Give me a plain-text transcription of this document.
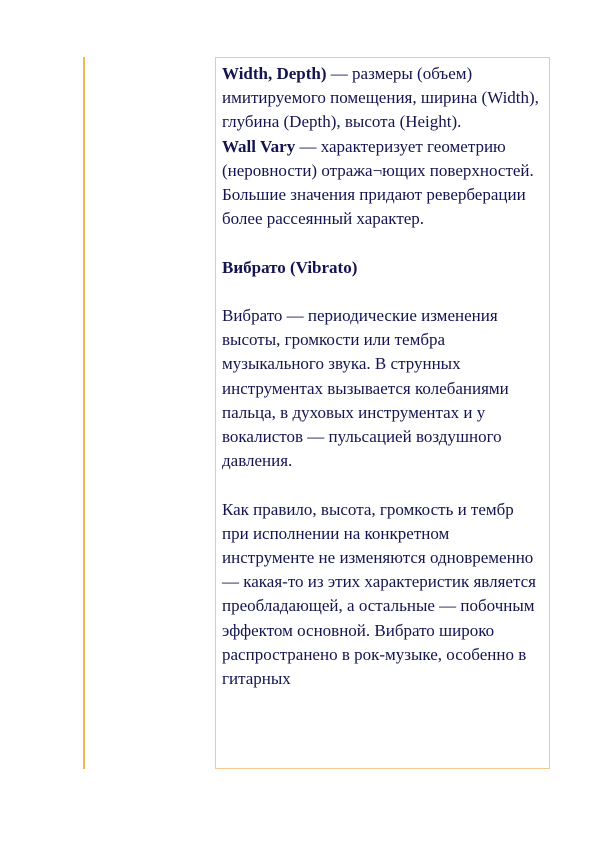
Width, Depth) — размеры (объем) имитируемого помещения, ширина (Width), глубина (Depth), высота (Height).

Wall Vary — характеризует геометрию (неровности) отража¬ющих поверхностей. Большие значения придают реверберации более рассеянный характер.

Вибрато (Vibrato)

Вибрато — периодические изменения высоты, громкости или тембра музыкального звука. В струнных инструментах вызывается колебаниями пальца, в духовых инструментах и у вокалистов — пульсацией воздушного давления.

Как правило, высота, громкость и тембр при исполнении на конкретном инструменте не изменяются одновременно — какая-то из этих характеристик является преобладающей, а остальные — побочным эффектом основной. Вибрато широко распространено в рок-музыке, особенно в гитарных
